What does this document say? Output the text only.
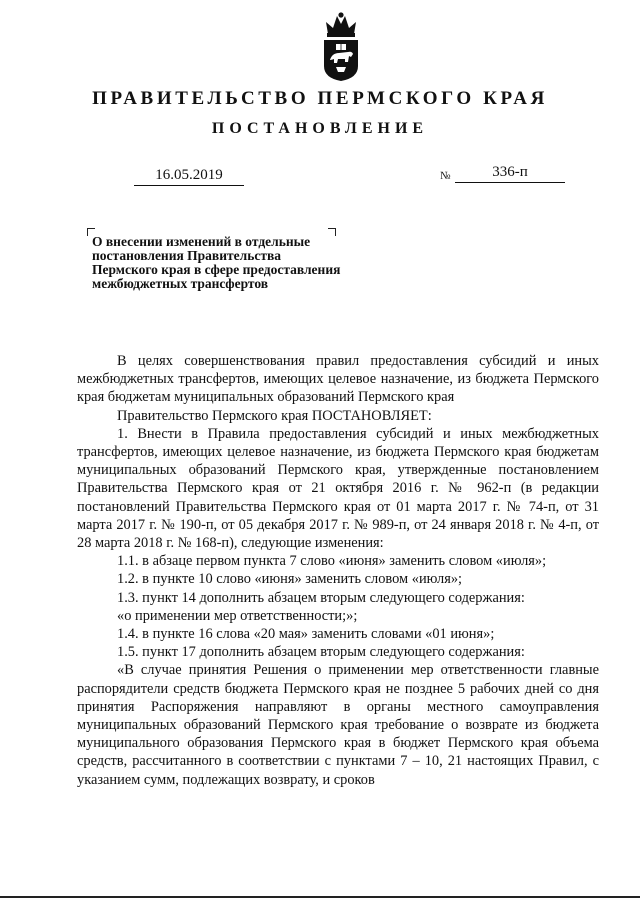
ПРАВИТЕЛЬСТВО ПЕРМСКОГО КРАЯ
ПОСТАНОВЛЕНИЕ
16.05.2019	№	336-п
О внесении изменений в отдельные
постановления Правительства
Пермского края в сфере предоставления
межбюджетных трансфертов

В целях совершенствования правил предоставления субсидий и иных межбюджетных трансфертов, имеющих целевое назначение, из бюджета Пермского края бюджетам муниципальных образований Пермского края

Правительство Пермского края ПОСТАНОВЛЯЕТ:

1. Внести в Правила предоставления субсидий и иных межбюджетных трансфертов, имеющих целевое назначение, из бюджета Пермского края бюджетам муниципальных образований Пермского края, утвержденные постановлением Правительства Пермского края от 21 октября 2016 г. № 962-п (в редакции постановлений Правительства Пермского края от 01 марта 2017 г. № 74-п, от 31 марта 2017 г. № 190-п, от 05 декабря 2017 г. № 989-п, от 24 января 2018 г. № 4-п, от 28 марта 2018 г. № 168-п), следующие изменения:

1.1. в абзаце первом пункта 7 слово «июня» заменить словом «июля»;

1.2. в пункте 10 слово «июня» заменить словом «июля»;

1.3. пункт 14 дополнить абзацем вторым следующего содержания:

«о применении мер ответственности;»;

1.4. в пункте 16 слова «20 мая» заменить словами «01 июня»;

1.5. пункт 17 дополнить абзацем вторым следующего содержания:

«В случае принятия Решения о применении мер ответственности главные распорядители средств бюджета Пермского края не позднее 5 рабочих дней со дня принятия Распоряжения направляют в органы местного самоуправления муниципальных образований Пермского края требование о возврате из бюджета муниципального образования Пермского края в бюджет Пермского края объема средств, рассчитанного в соответствии с пунктами 7 – 10, 21 настоящих Правил, с указанием сумм, подлежащих возврату, и сроков
